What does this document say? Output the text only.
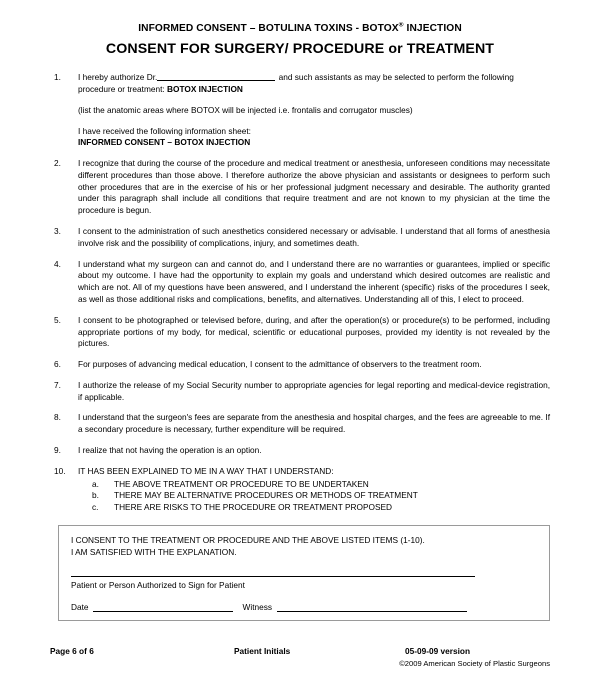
INFORMED CONSENT – BOTULINA TOXINS - BOTOX® INJECTION
CONSENT FOR SURGERY/ PROCEDURE or TREATMENT
1.	I hereby authorize Dr.	and such assistants as may be selected to perform the following procedure or treatment: BOTOX INJECTION
(list the anatomic areas where BOTOX will be injected i.e. frontalis and corrugator muscles)
I have received the following information sheet:
INFORMED CONSENT – BOTOX INJECTION
2.	I recognize that during the course of the procedure and medical treatment or anesthesia, unforeseen conditions may necessitate different procedures than those above. I therefore authorize the above physician and assistants or designees to perform such other procedures that are in the exercise of his or her professional judgment necessary and desirable. The authority granted under this paragraph shall include all conditions that require treatment and are not known to my physician at the time the procedure is begun.
3.	I consent to the administration of such anesthetics considered necessary or advisable. I understand that all forms of anesthesia involve risk and the possibility of complications, injury, and sometimes death.
4.	I understand what my surgeon can and cannot do, and I understand there are no warranties or guarantees, implied or specific about my outcome. I have had the opportunity to explain my goals and understand which desired outcomes are realistic and which are not. All of my questions have been answered, and I understand the inherent (specific) risks of the procedures I seek, as well as those additional risks and complications, benefits, and alternatives. Understanding all of this, I elect to proceed.
5.	I consent to be photographed or televised before, during, and after the operation(s) or procedure(s) to be performed, including appropriate portions of my body, for medical, scientific or educational purposes, provided my identity is not revealed by the pictures.
6.	For purposes of advancing medical education, I consent to the admittance of observers to the treatment room.
7.	I authorize the release of my Social Security number to appropriate agencies for legal reporting and medical-device registration, if applicable.
8.	I understand that the surgeon's fees are separate from the anesthesia and hospital charges, and the fees are agreeable to me. If a secondary procedure is necessary, further expenditure will be required.
9.	I realize that not having the operation is an option.
10.	IT HAS BEEN EXPLAINED TO ME IN A WAY THAT I UNDERSTAND:
a.	THE ABOVE TREATMENT OR PROCEDURE TO BE UNDERTAKEN
b.	THERE MAY BE ALTERNATIVE PROCEDURES OR METHODS OF TREATMENT
c.	THERE ARE RISKS TO THE PROCEDURE OR TREATMENT PROPOSED
I CONSENT TO THE TREATMENT OR PROCEDURE AND THE ABOVE LISTED ITEMS (1-10).
I AM SATISFIED WITH THE EXPLANATION.
Patient or Person Authorized to Sign for Patient
Date	Witness
Page 6 of 6	Patient Initials	05-09-09 version
©2009 American Society of Plastic Surgeons
